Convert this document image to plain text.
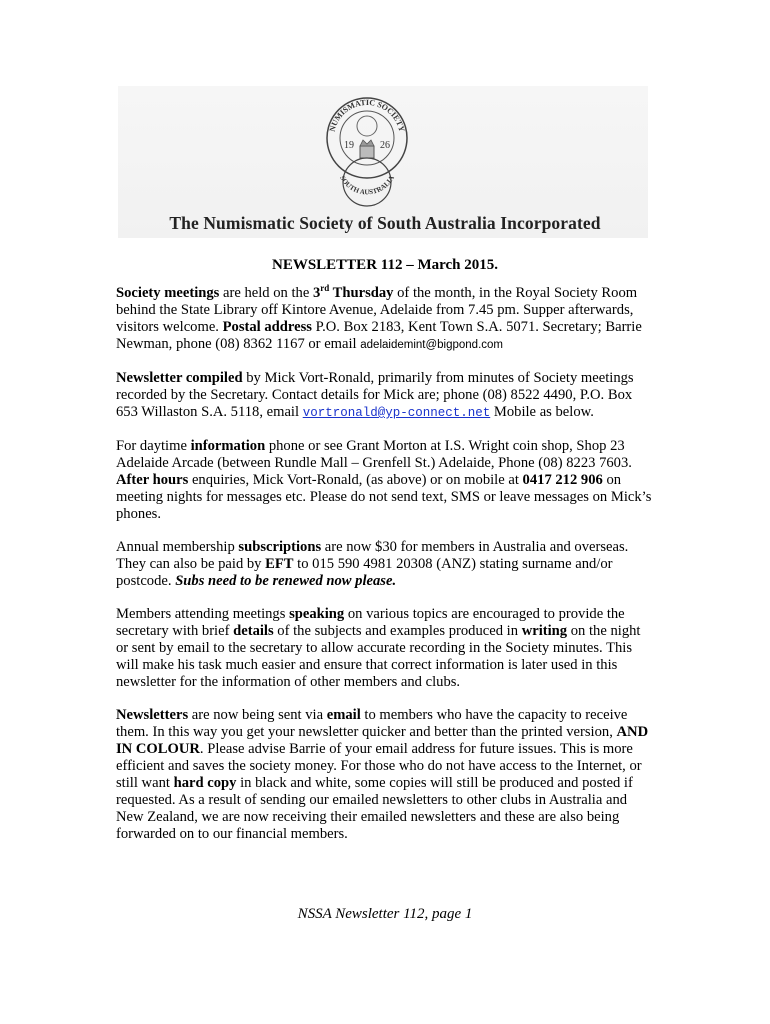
NUMISMATIC SOCIETY
19	26
SOUTH AUSTRALIA
The Numismatic Society of South Australia Incorporated
NEWSLETTER 112 – March 2015.

Society meetings are held on the 3rd Thursday of the month, in the Royal Society Room behind the State Library off Kintore Avenue, Adelaide from 7.45 pm. Supper afterwards, visitors welcome. Postal address P.O. Box 2183, Kent Town S.A. 5071. Secretary; Barrie Newman, phone (08) 8362 1167 or email adelaidemint@bigpond.com

Newsletter compiled by Mick Vort-Ronald, primarily from minutes of Society meetings recorded by the Secretary. Contact details for Mick are; phone (08) 8522 4490, P.O. Box 653 Willaston S.A. 5118, email vortronald@yp-connect.net Mobile as below.

For daytime information phone or see Grant Morton at I.S. Wright coin shop, Shop 23 Adelaide Arcade (between Rundle Mall – Grenfell St.) Adelaide, Phone (08) 8223 7603. After hours enquiries, Mick Vort-Ronald, (as above) or on mobile at 0417 212 906 on meeting nights for messages etc. Please do not send text, SMS or leave messages on Mick’s phones.

Annual membership subscriptions are now $30 for members in Australia and overseas. They can also be paid by EFT to 015 590 4981 20308 (ANZ) stating surname and/or postcode. Subs need to be renewed now please.

Members attending meetings speaking on various topics are encouraged to provide the secretary with brief details of the subjects and examples produced in writing on the night or sent by email to the secretary to allow accurate recording in the Society minutes. This will make his task much easier and ensure that correct information is later used in this newsletter for the information of other members and clubs.

Newsletters are now being sent via email to members who have the capacity to receive them. In this way you get your newsletter quicker and better than the printed version, AND IN COLOUR. Please advise Barrie of your email address for future issues. This is more efficient and saves the society money. For those who do not have access to the Internet, or still want hard copy in black and white, some copies will still be produced and posted if requested. As a result of sending our emailed newsletters to other clubs in Australia and New Zealand, we are now receiving their emailed newsletters and these are also being forwarded on to our financial members.

NSSA Newsletter 112, page 1
